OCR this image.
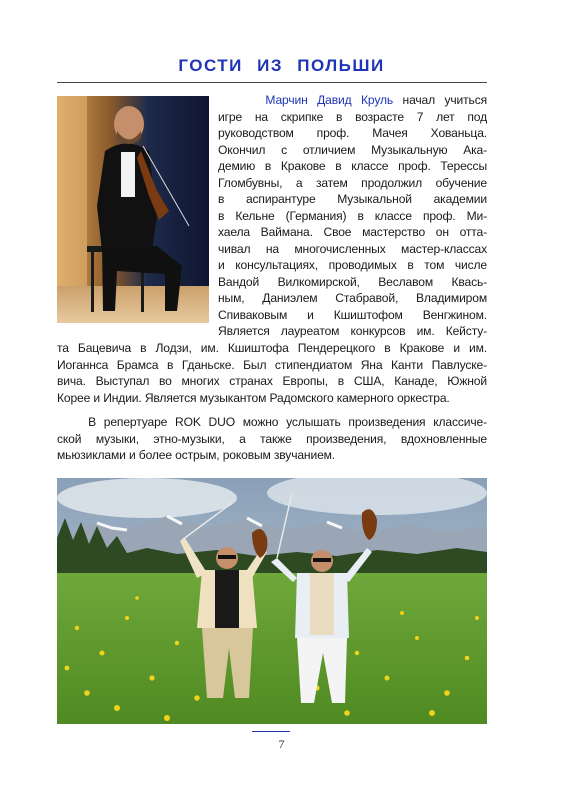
ГОСТИ ИЗ ПОЛЬШИ
Марчин Давид Круль начал учиться
игре на скрипке в возрасте 7 лет под
руководством проф. Мачея Хованьца.
Окончил с отличием Музыкальную Ака-
демию в Кракове в классе проф. Терессы
Гломбувны, а затем продолжил обучение
в аспирантуре Музыкальной академии
в Кельне (Германия) в классе проф. Ми-
хаела Ваймана. Свое мастерство он отта-
чивал на многочисленных мастер-классах
и консультациях, проводимых в том числе
Вандой Вилкомирской, Веславом Квась-
ным, Даниэлем Стабравой, Владимиром
Спиваковым и Кшиштофом Венгжином.
Является лауреатом конкурсов им. Кейсту-
та Бацевича в Лодзи, им. Кшиштофа Пендерецкого в Кракове и им.
Иоганнса Брамса в Гданьске. Был стипендиатом Яна Канти Павлуске-
вича. Выступал во многих странах Европы, в США, Канаде, Южной
Корее и Индии. Является музыкантом Радомского камерного оркестра.
В репертуаре ROK DUO можно услышать произведения классиче-
ской музыки, этно-музыки, а также произведения, вдохновленные
мьюзиклами и более острым, роковым звучанием.
7
